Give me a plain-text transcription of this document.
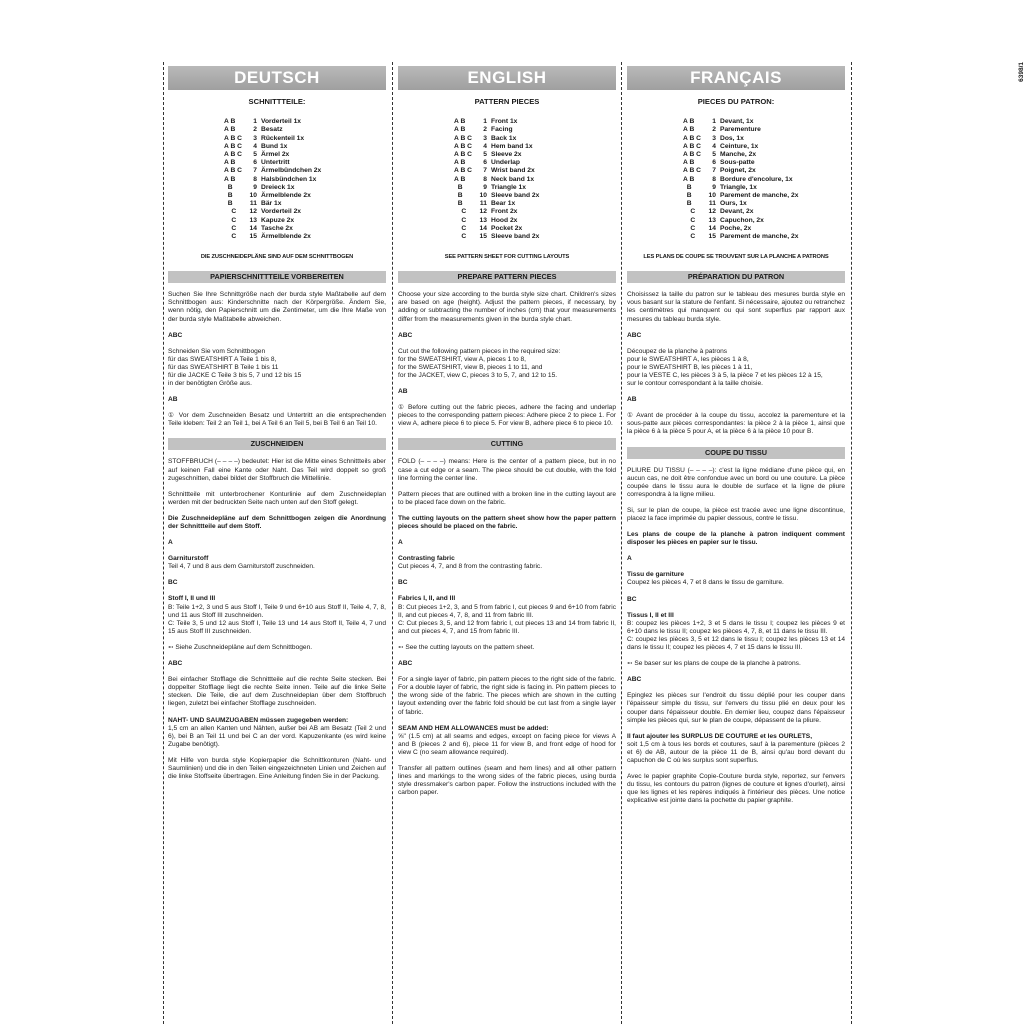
6398/1
DEUTSCH
SCHNITTTEILE:
A B	1 Vorderteil 1x
A B	2 Besatz
A B C	3 Rückenteil 1x
A B C	4 Bund 1x
A B C	5 Ärmel 2x
A B	6 Untertritt
A B C	7 Ärmelbündchen 2x
A B	8 Halsbündchen 1x
B	9 Dreieck 1x
B	10 Ärmelblende 2x
B	11 Bär 1x
C	12 Vorderteil 2x
C	13 Kapuze 2x
C	14 Tasche 2x
C	15 Ärmelblende 2x
DIE ZUSCHNEIDEPLÄNE SIND AUF DEM SCHNITTBOGEN
PAPIERSCHNITTTEILE VORBEREITEN
Suchen Sie Ihre Schnittgröße nach der burda style Maßtabelle auf dem Schnittbogen aus: Kinderschnitte nach der Körpergröße. Ändern Sie, wenn nötig, den Papierschnitt um die Zentimeter, um die Ihre Maße von der burda style Maßtabelle abweichen.
ABC
Schneiden Sie vom Schnittbogen
für das SWEATSHIRT A Teile 1 bis 8,
für das SWEATSHIRT B Teile 1 bis 11
für die JACKE C Teile 3 bis 5, 7 und 12 bis 15
in der benötigten Größe aus.
AB
① Vor dem Zuschneiden Besatz und Untertritt an die entsprechenden Teile kleben: Teil 2 an Teil 1, bei A Teil 6 an Teil 5, bei B Teil 6 an Teil 10.
ZUSCHNEIDEN
STOFFBRUCH (– – – –) bedeutet: Hier ist die Mitte eines Schnittteils aber auf keinen Fall eine Kante oder Naht. Das Teil wird doppelt so groß zugeschnitten, dabei bildet der Stoffbruch die Mittellinie.
Schnittteile mit unterbrochener Konturlinie auf dem Zuschneideplan werden mit der bedruckten Seite nach unten auf den Stoff gelegt.
Die Zuschneidepläne auf dem Schnittbogen zeigen die Anordnung der Schnittteile auf dem Stoff.
A
Garniturstoff
Teil 4, 7 und 8 aus dem Garniturstoff zuschneiden.
BC
Stoff I, II und III
B: Teile 1+2, 3 und 5 aus Stoff I, Teile 9 und 6+10 aus Stoff II, Teile 4, 7, 8, und 11 aus Stoff III zuschneiden.
C: Teile 3, 5 und 12 aus Stoff I, Teile 13 und 14 aus Stoff II, Teile 4, 7 und 15 aus Stoff III zuschneiden.
➳ Siehe Zuschneidepläne auf dem Schnittbogen.
ABC
Bei einfacher Stofflage die Schnittteile auf die rechte Seite stecken. Bei doppelter Stofflage liegt die rechte Seite innen. Teile auf die linke Seite stecken. Die Teile, die auf dem Zuschneideplan über dem Stoffbruch liegen, zuletzt bei einfacher Stofflage zuschneiden.
NAHT- UND SAUMZUGABEN müssen zugegeben werden:
1,5 cm an allen Kanten und Nähten, außer bei AB am Besatz (Teil 2 und 6), bei B an Teil 11 und bei C an der vord. Kapuzenkante (es wird keine Zugabe benötigt).
Mit Hilfe von burda style Kopierpapier die Schnittkonturen (Naht- und Saumlinien) und die in den Teilen eingezeichneten Linien und Zeichen auf die linke Stoffseite übertragen. Eine Anleitung finden Sie in der Packung.
ENGLISH
PATTERN PIECES
A B	1 Front 1x
A B	2 Facing
A B C	3 Back 1x
A B C	4 Hem band 1x
A B C	5 Sleeve 2x
A B	6 Underlap
A B C	7 Wrist band 2x
A B	8 Neck band 1x
B	9 Triangle 1x
B	10 Sleeve band 2x
B	11 Bear 1x
C	12 Front 2x
C	13 Hood 2x
C	14 Pocket 2x
C	15 Sleeve band 2x
SEE PATTERN SHEET FOR CUTTING LAYOUTS
PREPARE PATTERN PIECES
Choose your size according to the burda style size chart. Children's sizes are based on age (height). Adjust the pattern pieces, if necessary, by adding or subtracting the number of inches (cm) that your measurements differ from the measurements given in the burda style chart.
ABC
Cut out the following pattern pieces in the required size:
for the SWEATSHIRT, view A, pieces 1 to 8,
for the SWEATSHIRT, view B, pieces 1 to 11, and
for the JACKET, view C, pieces 3 to 5, 7, and 12 to 15.
AB
① Before cutting out the fabric pieces, adhere the facing and underlap pieces to the corresponding pattern pieces: Adhere piece 2 to piece 1. For view A, adhere piece 6 to piece 5. For view B, adhere piece 6 to piece 10.
CUTTING
FOLD (– – – –) means: Here is the center of a pattern piece, but in no case a cut edge or a seam. The piece should be cut double, with the fold line forming the center line.
Pattern pieces that are outlined with a broken line in the cutting layout are to be placed face down on the fabric.
The cutting layouts on the pattern sheet show how the paper pattern pieces should be placed on the fabric.
A
Contrasting fabric
Cut pieces 4, 7, and 8 from the contrasting fabric.
BC
Fabrics I, II, and III
B: Cut pieces 1+2, 3, and 5 from fabric I, cut pieces 9 and 6+10 from fabric II, and cut pieces 4, 7, 8, and 11 from fabric III.
C: Cut pieces 3, 5, and 12 from fabric I, cut pieces 13 and 14 from fabric II, and cut pieces 4, 7, and 15 from fabric III.
➳ See the cutting layouts on the pattern sheet.
ABC
For a single layer of fabric, pin pattern pieces to the right side of the fabric. For a double layer of fabric, the right side is facing in. Pin pattern pieces to the wrong side of the fabric. The pieces which are shown in the cutting layout extending over the fabric fold should be cut last from a single layer of fabric.
SEAM AND HEM ALLOWANCES must be added:
⅝" (1.5 cm) at all seams and edges, except on facing piece for views A and B (pieces 2 and 6), piece 11 for view B, and front edge of hood for view C (no seam allowance required).
Transfer all pattern outlines (seam and hem lines) and all other pattern lines and markings to the wrong sides of the fabric pieces, using burda style dressmaker's carbon paper. Follow the instructions included with the carbon paper.
FRANÇAIS
PIECES DU PATRON:
A B	1 Devant, 1x
A B	2 Parementure
A B C	3 Dos, 1x
A B C	4 Ceinture, 1x
A B C	5 Manche, 2x
A B	6 Sous-patte
A B C	7 Poignet, 2x
A B	8 Bordure d'encolure, 1x
B	9 Triangle, 1x
B	10 Parement de manche, 2x
B	11 Ours, 1x
C	12 Devant, 2x
C	13 Capuchon, 2x
C	14 Poche, 2x
C	15 Parement de manche, 2x
LES PLANS DE COUPE SE TROUVENT SUR LA PLANCHE A PATRONS
PRÉPARATION DU PATRON
Choisissez la taille du patron sur le tableau des mesures burda style en vous basant sur la stature de l'enfant. Si nécessaire, ajoutez ou retranchez les centimètres qui manquent ou qui sont superflus par rapport aux mesures du tableau burda style.
ABC
Découpez de la planche à patrons
pour le SWEATSHIRT A, les pièces 1 à 8,
pour le SWEATSHIRT B, les pièces 1 à 11,
pour la VESTE C, les pièces 3 à 5, la pièce 7 et les pièces 12 à 15,
sur le contour correspondant à la taille choisie.
AB
① Avant de procéder à la coupe du tissu, accolez la parementure et la sous-patte aux pièces correspondantes: la pièce 2 à la pièce 1, ainsi que la pièce 6 à la pièce 5 pour A, et la pièce 6 à la pièce 10 pour B.
COUPE DU TISSU
PLIURE DU TISSU (– – – –): c'est la ligne médiane d'une pièce qui, en aucun cas, ne doit être confondue avec un bord ou une couture. La pièce coupée dans le tissu aura le double de surface et la ligne de pliure correspondra à la ligne milieu.
Si, sur le plan de coupe, la pièce est tracée avec une ligne discontinue, placez la face imprimée du papier dessous, contre le tissu.
Les plans de coupe de la planche à patron indiquent comment disposer les pièces en papier sur le tissu.
A
Tissu de garniture
Coupez les pièces 4, 7 et 8 dans le tissu de garniture.
BC
Tissus I, II et III
B: coupez les pièces 1+2, 3 et 5 dans le tissu I; coupez les pièces 9 et 6+10 dans le tissu II; coupez les pièces 4, 7, 8, et 11 dans le tissu III.
C: coupez les pièces 3, 5 et 12 dans le tissu I; coupez les pièces 13 et 14 dans le tissu II; coupez les pièces 4, 7 et 15 dans le tissu III.
➳ Se baser sur les plans de coupe de la planche à patrons.
ABC
Epinglez les pièces sur l'endroit du tissu déplié pour les couper dans l'épaisseur simple du tissu, sur l'envers du tissu plié en deux pour les couper dans l'épaisseur double. En dernier lieu, coupez dans l'épaisseur simple les pièces qui, sur le plan de coupe, dépassent de la pliure.
Il faut ajouter les SURPLUS DE COUTURE et les OURLETS,
soit 1,5 cm à tous les bords et coutures, sauf à la parementure (pièces 2 et 6) de AB, autour de la pièce 11 de B, ainsi qu'au bord devant du capuchon de C où les surplus sont superflus.
Avec le papier graphite Copie-Couture burda style, reportez, sur l'envers du tissu, les contours du patron (lignes de couture et lignes d'ourlet), ainsi que les lignes et les repères indiqués à l'intérieur des pièces. Une notice explicative est jointe dans la pochette du papier graphite.
